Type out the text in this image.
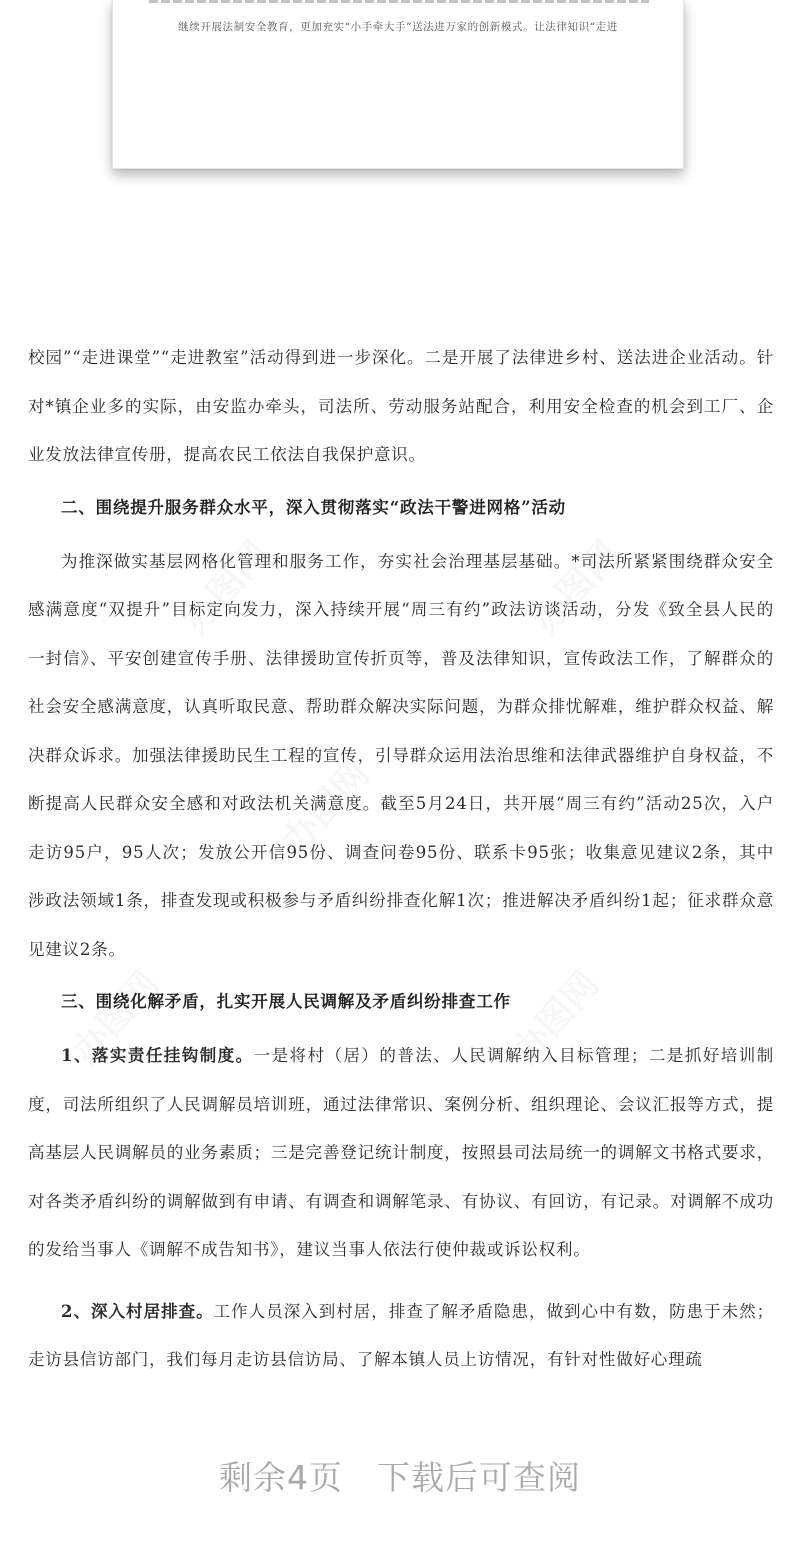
继续开展法制安全教育，更加充实“小手牵大手”送法进万家的创新模式。让法律知识“走进

校园”“走进课堂”“走进教室”活动得到进一步深化。二是开展了法律进乡村、送法进企业活动。针对*镇企业多的实际，由安监办牵头，司法所、劳动服务站配合，利用安全检查的机会到工厂、企业发放法律宣传册，提高农民工依法自我保护意识。

二、围绕提升服务群众水平，深入贯彻落实“政法干警进网格”活动

为推深做实基层网格化管理和服务工作，夯实社会治理基层基础。*司法所紧紧围绕群众安全感满意度“双提升”目标定向发力，深入持续开展“周三有约”政法访谈活动，分发《致全县人民的一封信》、平安创建宣传手册、法律援助宣传折页等，普及法律知识，宣传政法工作，了解群众的社会安全感满意度，认真听取民意、帮助群众解决实际问题，为群众排忧解难，维护群众权益、解决群众诉求。加强法律援助民生工程的宣传，引导群众运用法治思维和法律武器维护自身权益，不断提高人民群众安全感和对政法机关满意度。截至5月24日，共开展“周三有约”活动25次，入户走访95户，95人次；发放公开信95份、调查问卷95份、联系卡95张；收集意见建议2条，其中涉政法领域1条，排查发现或积极参与矛盾纠纷排查化解1次；推进解决矛盾纠纷1起；征求群众意见建议2条。

三、围绕化解矛盾，扎实开展人民调解及矛盾纠纷排查工作

1、落实责任挂钩制度。一是将村（居）的普法、人民调解纳入目标管理；二是抓好培训制度，司法所组织了人民调解员培训班，通过法律常识、案例分析、组织理论、会议汇报等方式，提高基层人民调解员的业务素质；三是完善登记统计制度，按照县司法局统一的调解文书格式要求，对各类矛盾纠纷的调解做到有申请、有调查和调解笔录、有协议、有回访，有记录。对调解不成功的发给当事人《调解不成告知书》，建议当事人依法行使仲裁或诉讼权利。

2、深入村居排查。工作人员深入到村居，排查了解矛盾隐患，做到心中有数，防患于未然；走访县信访部门，我们每月走访县信访局、了解本镇人员上访情况，有针对性做好心理疏

剩余4页 下载后可查阅
